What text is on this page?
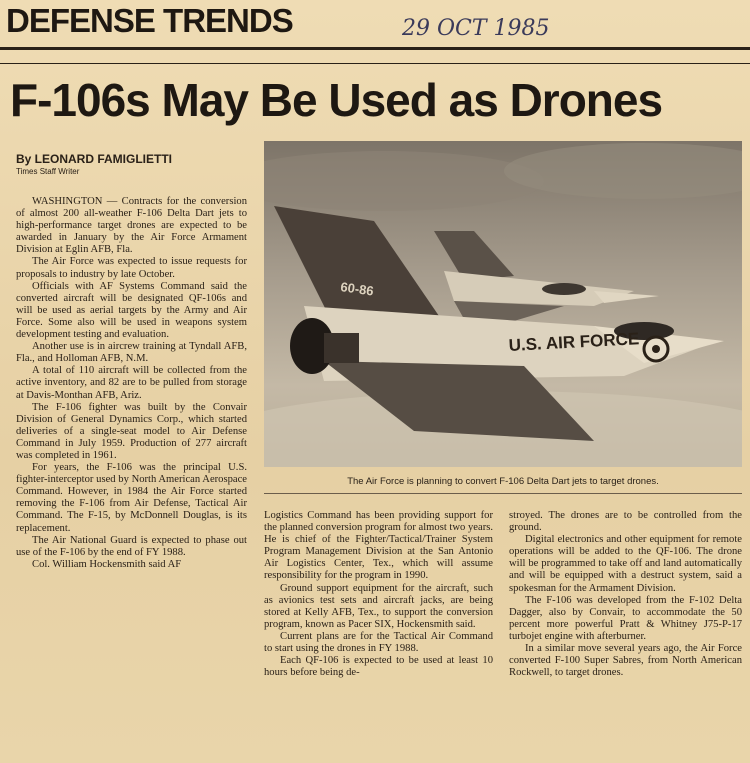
DEFENSE TRENDS	29 OCT 1985
F-106s May Be Used as Drones
By LEONARD FAMIGLIETTI
Times Staff Writer

WASHINGTON — Contracts for the conversion of almost 200 all-weather F-106 Delta Dart jets to high-performance target drones are expected to be awarded in January by the Air Force Armament Division at Eglin AFB, Fla.

The Air Force was expected to issue requests for proposals to industry by late October.

Officials with AF Systems Command said the converted aircraft will be designated QF-106s and will be used as aerial targets by the Army and Air Force. Some also will be used in weapons system development testing and evaluation.

Another use is in aircrew training at Tyndall AFB, Fla., and Holloman AFB, N.M.

A total of 110 aircraft will be collected from the active inventory, and 82 are to be pulled from storage at Davis-Monthan AFB, Ariz.

The F-106 fighter was built by the Convair Division of General Dynamics Corp., which started deliveries of a single-seat model to Air Defense Command in July 1959. Production of 277 aircraft was completed in 1961.

For years, the F-106 was the principal U.S. fighter-interceptor used by North American Aerospace Command. However, in 1984 the Air Force started removing the F-106 from Air Defense, Tactical Air Command. The F-15, by McDonnell Douglas, is its replacement.

The Air National Guard is expected to phase out use of the F-106 by the end of FY 1988.

Col. William Hockensmith said AF

60-86
U.S. AIR FORCE
The Air Force is planning to convert F-106 Delta Dart jets to target drones.

Logistics Command has been providing support for the planned conversion program for almost two years. He is chief of the Fighter/Tactical/Trainer System Program Management Division at the San Antonio Air Logistics Center, Tex., which will assume responsibility for the program in 1990.

Ground support equipment for the aircraft, such as avionics test sets and aircraft jacks, are being stored at Kelly AFB, Tex., to support the conversion program, known as Pacer SIX, Hockensmith said.

Current plans are for the Tactical Air Command to start using the drones in FY 1988.

Each QF-106 is expected to be used at least 10 hours before being de-

stroyed. The drones are to be controlled from the ground.

Digital electronics and other equipment for remote operations will be added to the QF-106. The drone will be programmed to take off and land automatically and will be equipped with a destruct system, said a spokesman for the Armament Division.

The F-106 was developed from the F-102 Delta Dagger, also by Convair, to accommodate the 50 percent more powerful Pratt & Whitney J75-P-17 turbojet engine with afterburner.

In a similar move several years ago, the Air Force converted F-100 Super Sabres, from North American Rockwell, to target drones.
